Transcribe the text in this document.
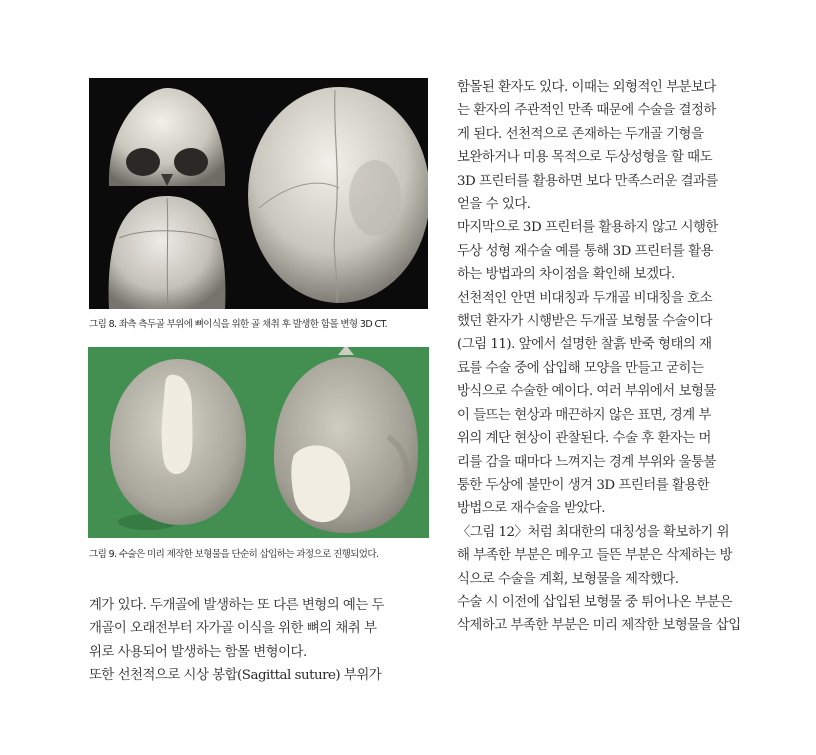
그림 8. 좌측 측두골 부위에 뼈이식을 위한 골 채취 후 발생한 함몰 변형 3D CT.
그림 9. 수술은 미리 제작한 보형물을 단순히 삽입하는 과정으로 진행되었다.

계가 있다. 두개골에 발생하는 또 다른 변형의 예는 두

개골이 오래전부터 자가골 이식을 위한 뼈의 채취 부

위로 사용되어 발생하는 함몰 변형이다.

또한 선천적으로 시상 봉합(Sagittal suture) 부위가

함몰된 환자도 있다. 이때는 외형적인 부분보다

는 환자의 주관적인 만족 때문에 수술을 결정하

게 된다. 선천적으로 존재하는 두개골 기형을

보완하거나 미용 목적으로 두상성형을 할 때도

3D 프린터를 활용하면 보다 만족스러운 결과를

얻을 수 있다.

마지막으로 3D 프린터를 활용하지 않고 시행한

두상 성형 재수술 예를 통해 3D 프린터를 활용

하는 방법과의 차이점을 확인해 보겠다.

선천적인 안면 비대칭과 두개골 비대칭을 호소

했던 환자가 시행받은 두개골 보형물 수술이다

(그림 11). 앞에서 설명한 찰흙 반죽 형태의 재

료를 수술 중에 삽입해 모양을 만들고 굳히는

방식으로 수술한 예이다. 여러 부위에서 보형물

이 들뜨는 현상과 매끈하지 않은 표면, 경계 부

위의 계단 현상이 관찰된다. 수술 후 환자는 머

리를 감을 때마다 느껴지는 경계 부위와 울퉁불

퉁한 두상에 불만이 생겨 3D 프린터를 활용한

방법으로 재수술을 받았다.

〈그림 12〉처럼 최대한의 대칭성을 확보하기 위

해 부족한 부분은 메우고 들뜬 부분은 삭제하는 방

식으로 수술을 계획, 보형물을 제작했다.

수술 시 이전에 삽입된 보형물 중 튀어나온 부분은

삭제하고 부족한 부분은 미리 제작한 보형물을 삽입
